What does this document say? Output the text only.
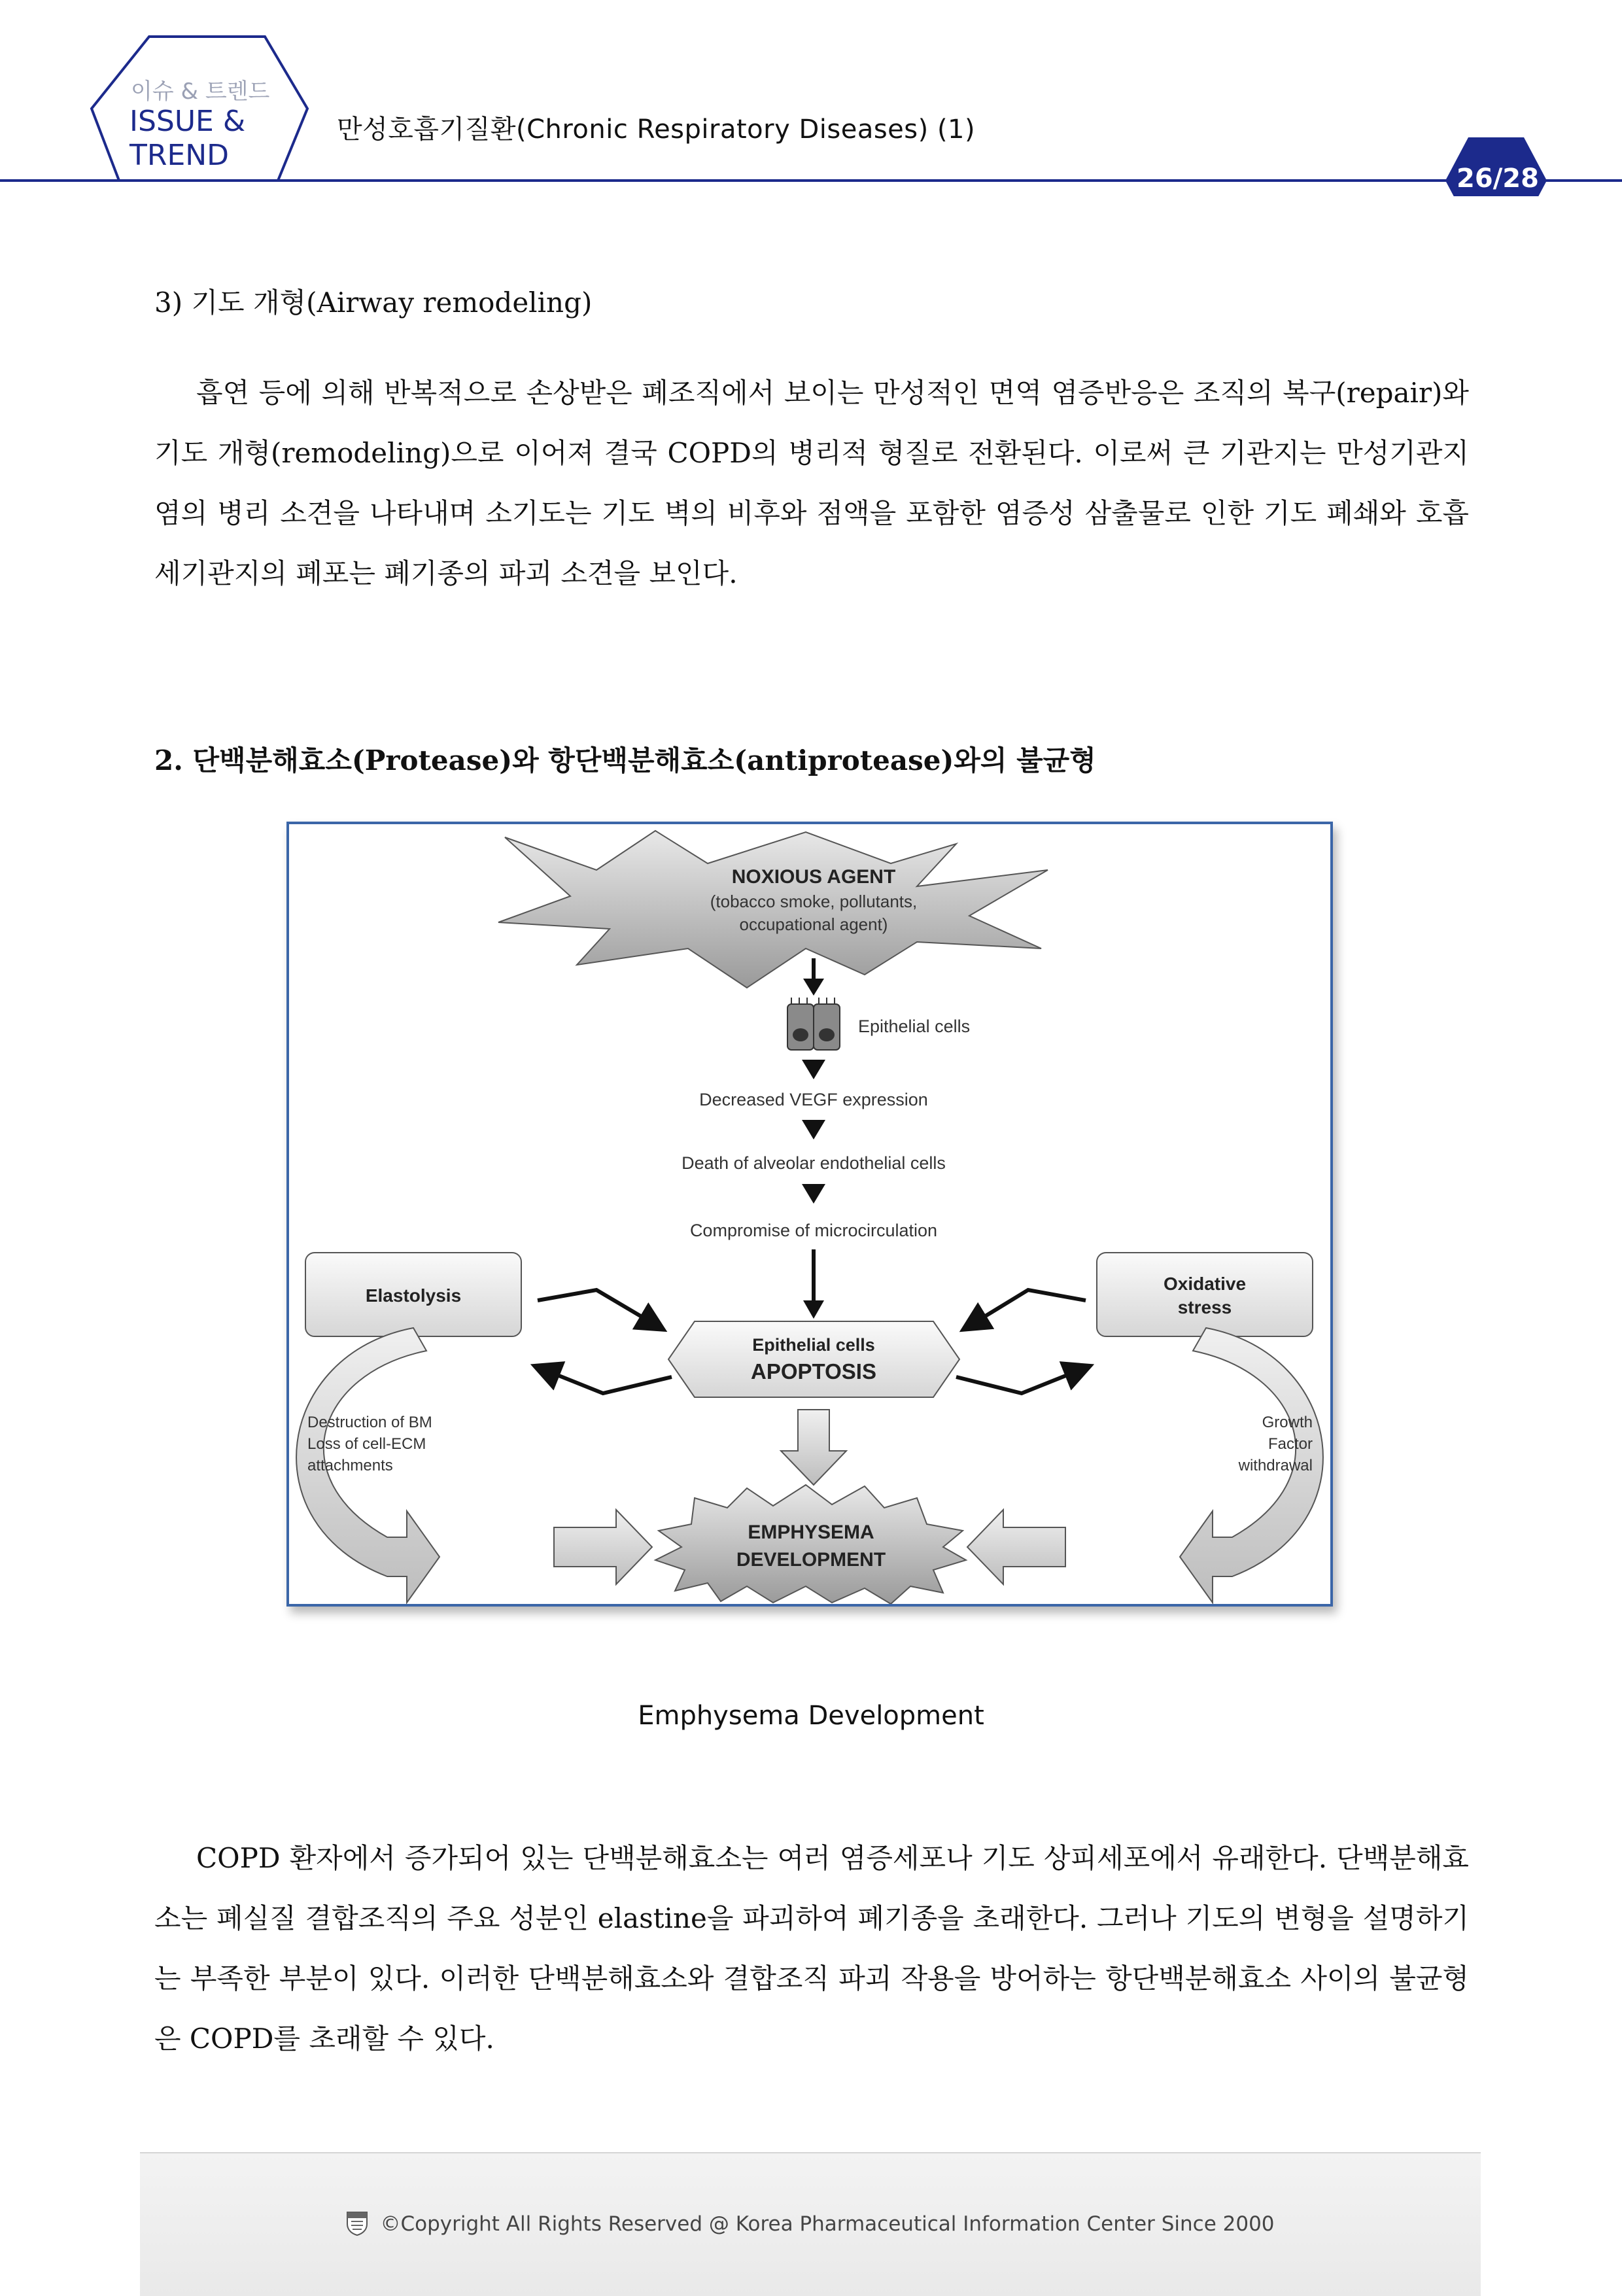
이슈 & 트렌드
ISSUE &
TREND
만성호흡기질환(Chronic Respiratory Diseases) (1)
26/28
3) 기도 개형(Airway remodeling)
흡연 등에 의해 반복적으로 손상받은 폐조직에서 보이는 만성적인 면역 염증반응은 조직의 복구(repair)와 기도 개형(remodeling)으로 이어져 결국 COPD의 병리적 형질로 전환된다. 이로써 큰 기관지는 만성기관지염의 병리 소견을 나타내며 소기도는 기도 벽의 비후와 점액을 포함한 염증성 삼출물로 인한 기도 폐쇄와 호흡세기관지의 폐포는 폐기종의 파괴 소견을 보인다.
2. 단백분해효소(Protease)와 항단백분해효소(antiprotease)와의 불균형
NOXIOUS AGENT
(tobacco smoke, pollutants,
occupational agent)
Epithelial cells
Decreased VEGF expression
Death of alveolar endothelial cells
Compromise of microcirculation
Elastolysis
Oxidative
stress
Epithelial cells
APOPTOSIS
Destruction of BM
Loss of cell-ECM
attachments
Growth
Factor
withdrawal
EMPHYSEMA
DEVELOPMENT
Emphysema Development
COPD 환자에서 증가되어 있는 단백분해효소는 여러 염증세포나 기도 상피세포에서 유래한다. 단백분해효소는 폐실질 결합조직의 주요 성분인 elastine을 파괴하여 폐기종을 초래한다. 그러나 기도의 변형을 설명하기는 부족한 부분이 있다. 이러한 단백분해효소와 결합조직 파괴 작용을 방어하는 항단백분해효소 사이의 불균형은 COPD를 초래할 수 있다.
©Copyright All Rights Reserved @ Korea Pharmaceutical Information Center Since 2000
